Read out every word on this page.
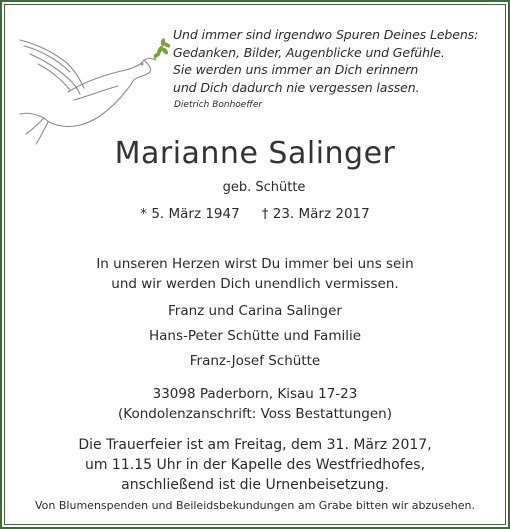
Und immer sind irgendwo Spuren Deines Lebens:
Gedanken, Bilder, Augenblicke und Gefühle.
Sie werden uns immer an Dich erinnern
und Dich dadurch nie vergessen lassen.
Dietrich Bonhoeffer
Marianne Salinger
geb. Schütte
* 5. März 1947 † 23. März 2017
In unseren Herzen wirst Du immer bei uns sein
und wir werden Dich unendlich vermissen.
Franz und Carina Salinger
Hans-Peter Schütte und Familie
Franz-Josef Schütte
33098 Paderborn, Kisau 17-23
(Kondolenzanschrift: Voss Bestattungen)
Die Trauerfeier ist am Freitag, dem 31. März 2017,
um 11.15 Uhr in der Kapelle des Westfriedhofes,
anschließend ist die Urnenbeisetzung.
Von Blumenspenden und Beileidsbekundungen am Grabe bitten wir abzusehen.
